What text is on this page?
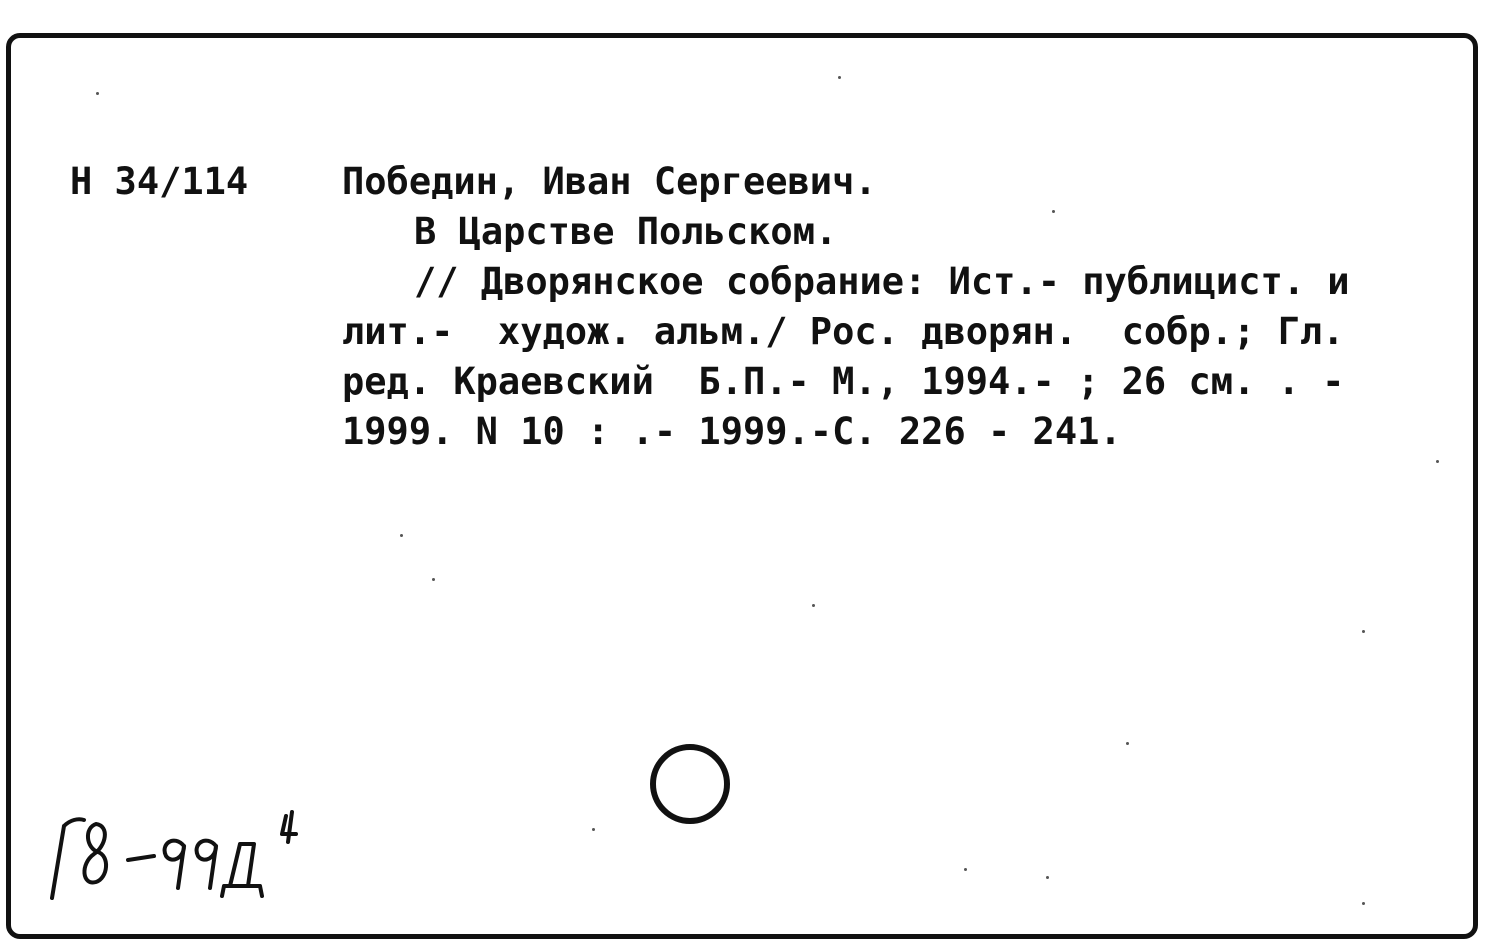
Н 34/114	Победин, Иван Сергеевич.
В Царстве Польском.
// Дворянское собрание: Ист.- публицист. и
лит.-  худож. альм./ Рос. дворян.  собр.; Гл.
ред. Краевский  Б.П.- М., 1994.- ; 26 см. . -
1999. N 10 : .- 1999.-С. 226 - 241.
